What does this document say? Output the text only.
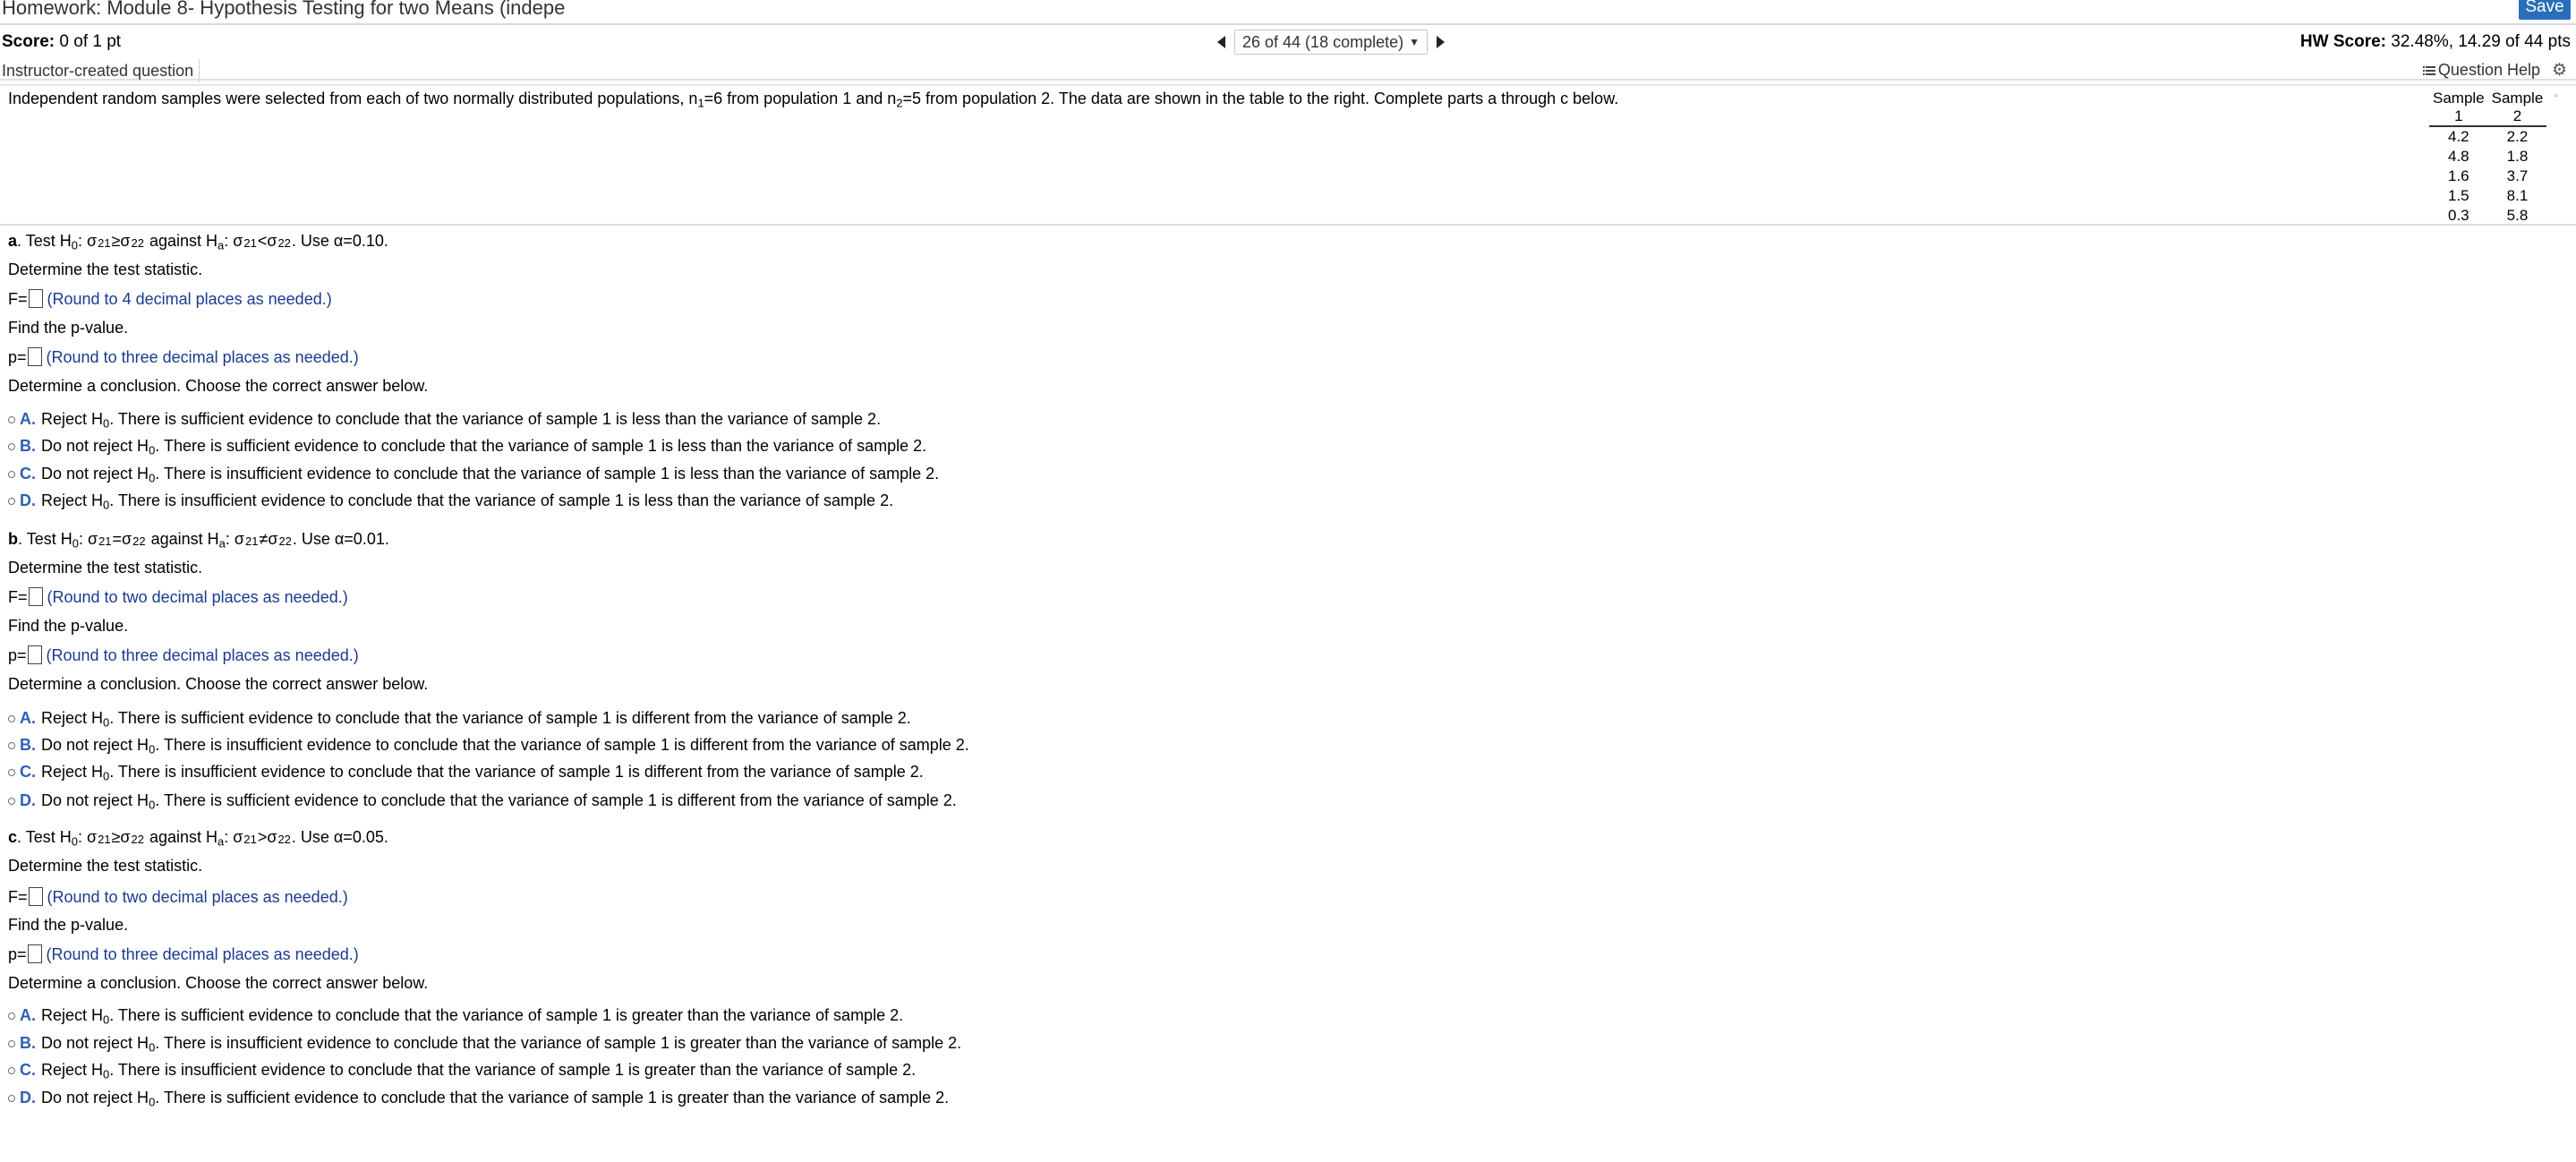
Homework: Module 8- Hypothesis Testing for two Means (indepe	Save
Score: 0 of 1 pt	26 of 44 (18 complete) ▼	HW Score: 32.48%, 14.29 of 44 pts
Instructor-created question	Question Help ⚙
Independent random samples were selected from each of two normally distributed populations, $n_1=6$ from population 1 and $n_2=5$ from population 2. The data are shown in the table to the right. Complete parts a through c below.	▫
Sample	Sample
1	2
4.2	2.2
4.8	1.8
1.6	3.7
1.5	8.1
0.3	5.8
a. Test $H_0$: σ21≥σ22 against $H_a$: σ21<σ22. Use α=0.10.
Determine the test statistic.
F= (Round to 4 decimal places as needed.)
Find the p-value.
p= (Round to three decimal places as needed.)
Determine a conclusion. Choose the correct answer below.
A. Reject $H_0$. There is sufficient evidence to conclude that the variance of sample 1 is less than the variance of sample 2.
B. Do not reject $H_0$. There is sufficient evidence to conclude that the variance of sample 1 is less than the variance of sample 2.
C. Do not reject $H_0$. There is insufficient evidence to conclude that the variance of sample 1 is less than the variance of sample 2.
D. Reject $H_0$. There is insufficient evidence to conclude that the variance of sample 1 is less than the variance of sample 2.
b. Test $H_0$: σ21=σ22 against $H_a$: σ21≠σ22. Use α=0.01.
Determine the test statistic.
F= (Round to two decimal places as needed.)
Find the p-value.
p= (Round to three decimal places as needed.)
Determine a conclusion. Choose the correct answer below.
A. Reject $H_0$. There is sufficient evidence to conclude that the variance of sample 1 is different from the variance of sample 2.
B. Do not reject $H_0$. There is insufficient evidence to conclude that the variance of sample 1 is different from the variance of sample 2.
C. Reject $H_0$. There is insufficient evidence to conclude that the variance of sample 1 is different from the variance of sample 2.
D. Do not reject $H_0$. There is sufficient evidence to conclude that the variance of sample 1 is different from the variance of sample 2.
c. Test $H_0$: σ21≥σ22 against $H_a$: σ21>σ22. Use α=0.05.
Determine the test statistic.
F= (Round to two decimal places as needed.)
Find the p-value.
p= (Round to three decimal places as needed.)
Determine a conclusion. Choose the correct answer below.
A. Reject $H_0$. There is sufficient evidence to conclude that the variance of sample 1 is greater than the variance of sample 2.
B. Do not reject $H_0$. There is insufficient evidence to conclude that the variance of sample 1 is greater than the variance of sample 2.
C. Reject $H_0$. There is insufficient evidence to conclude that the variance of sample 1 is greater than the variance of sample 2.
D. Do not reject $H_0$. There is sufficient evidence to conclude that the variance of sample 1 is greater than the variance of sample 2.
